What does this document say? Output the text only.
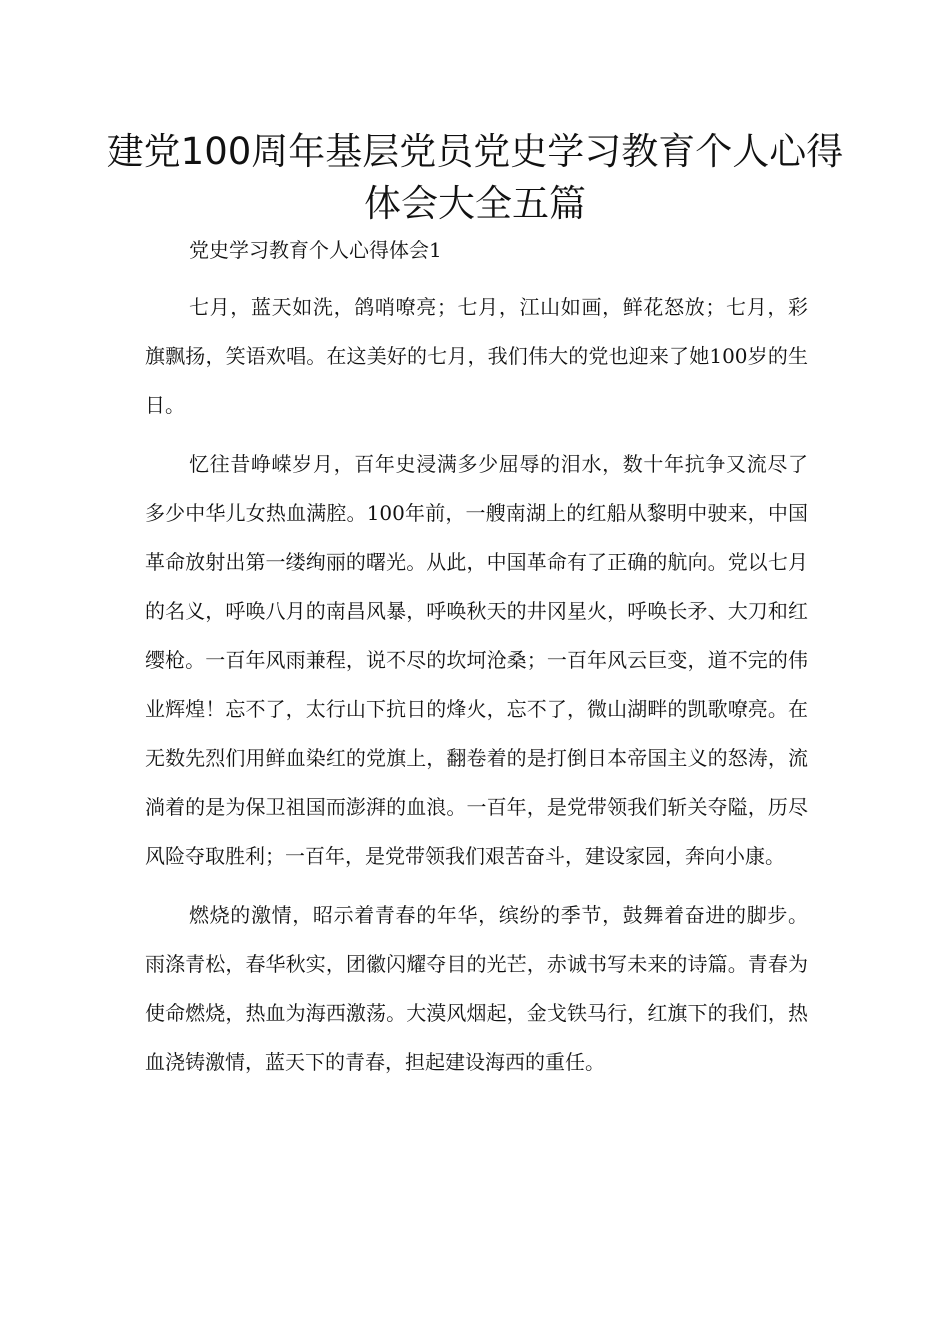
建党100周年基层党员党史学习教育个人心得体会大全五篇

党史学习教育个人心得体会1

七月，蓝天如洗，鸽哨嘹亮；七月，江山如画，鲜花怒放；七月，彩旗飘扬，笑语欢唱。在这美好的七月，我们伟大的党也迎来了她100岁的生日。

忆往昔峥嵘岁月，百年史浸满多少屈辱的泪水，数十年抗争又流尽了多少中华儿女热血满腔。100年前，一艘南湖上的红船从黎明中驶来，中国革命放射出第一缕绚丽的曙光。从此，中国革命有了正确的航向。党以七月的名义，呼唤八月的南昌风暴，呼唤秋天的井冈星火，呼唤长矛、大刀和红缨枪。一百年风雨兼程，说不尽的坎坷沧桑；一百年风云巨变，道不完的伟业辉煌！忘不了，太行山下抗日的烽火，忘不了，微山湖畔的凯歌嘹亮。在无数先烈们用鲜血染红的党旗上，翻卷着的是打倒日本帝国主义的怒涛，流淌着的是为保卫祖国而澎湃的血浪。一百年，是党带领我们斩关夺隘，历尽风险夺取胜利；一百年，是党带领我们艰苦奋斗，建设家园，奔向小康。

燃烧的激情，昭示着青春的年华，缤纷的季节，鼓舞着奋进的脚步。雨涤青松，春华秋实，团徽闪耀夺目的光芒，赤诚书写未来的诗篇。青春为使命燃烧，热血为海西激荡。大漠风烟起，金戈铁马行，红旗下的我们，热血浇铸激情，蓝天下的青春，担起建设海西的重任。
